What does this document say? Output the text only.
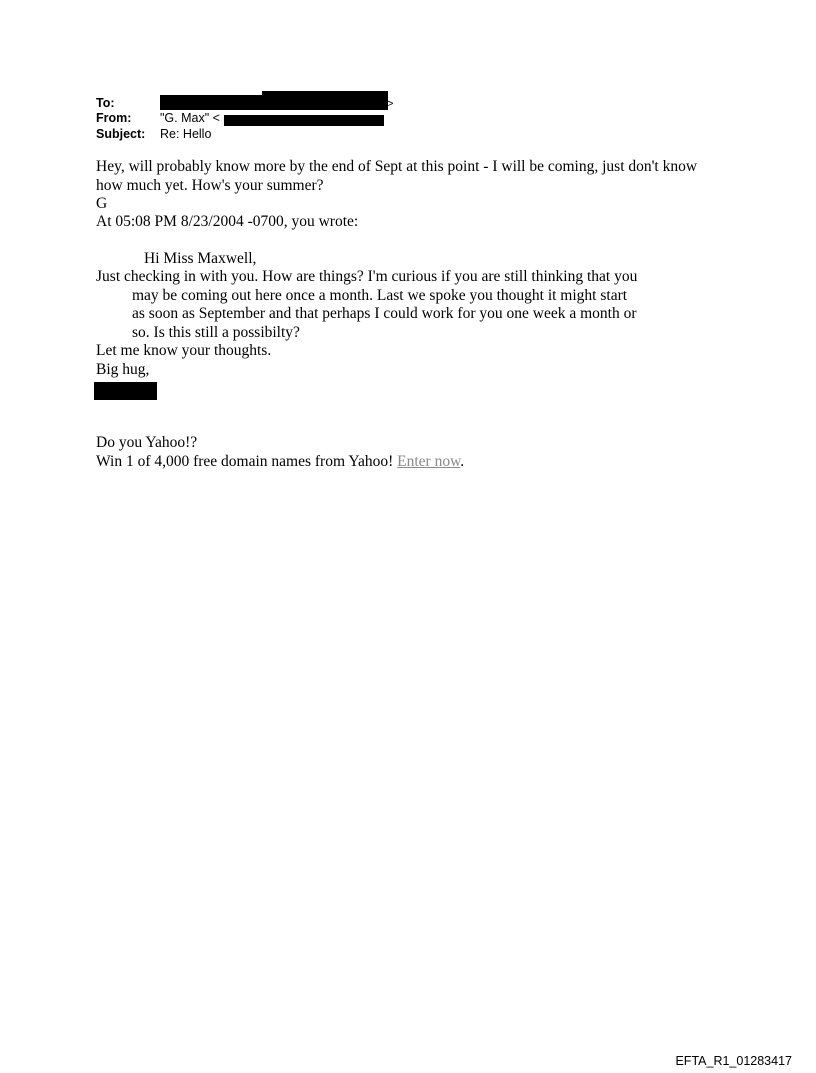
To:	>
From: "G. Max" <
Subject: Re: Hello
Hey, will probably know more by the end of Sept at this point - I will be coming, just don't know
how much yet. How's your summer?
G
At 05:08 PM 8/23/2004 -0700, you wrote:
Hi Miss Maxwell,
Just checking in with you. How are things? I'm curious if you are still thinking that you
may be coming out here once a month. Last we spoke you thought it might start
as soon as September and that perhaps I could work for you one week a month or
so. Is this still a possibilty?
Let me know your thoughts.
Big hug,
Do you Yahoo!?
Win 1 of 4,000 free domain names from Yahoo! Enter now.
EFTA_R1_01283417
